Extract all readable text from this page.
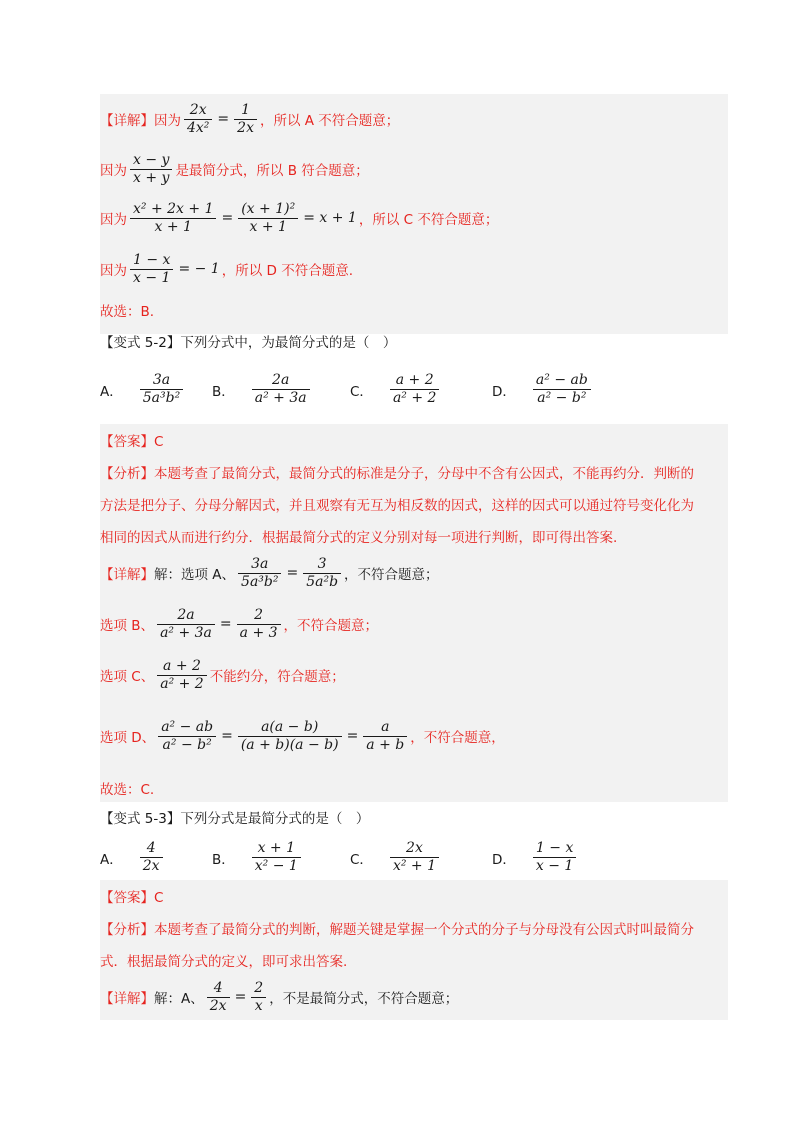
【详解】 因为 $\frac{2x}{\text{4x²}} = \frac{1}{2x}$ ，所以 A 不符合题意；
因为 $\frac{x - y}{x + y}$ 是最简分式，所以 B 符合题意；
因为 $\frac{\text{x² + 2x + 1}}{x + 1} = \frac{\text{(x + 1)²}}{x + 1} = x + 1$ ，所以 C 不符合题意；
因为 $\frac{1 - x}{x - 1}$ = − 1 ，所以 D 不符合题意.
故选：B.
【变式 5-2】下列分式中，为最简分式的是（　）
A． $\frac{3a}{\text{5a³b²}}$ B． $\frac{2a}{\text{a² + 3a}}$	C． $\frac{a + 2}{\text{a² + 2}}$	D． $\frac{\text{a² − ab}}{\text{a² − b²}}$
【答案】C
【分析】本题考查了最简分式，最简分式的标准是分子，分母中不含有公因式，不能再约分．判断的
方法是把分子、分母分解因式，并且观察有无互为相反数的因式，这样的因式可以通过符号变化化为
相同的因式从而进行约分．根据最简分式的定义分别对每一项进行判断，即可得出答案.
【详解】 解：选项 A、 $\frac{3a}{\text{5a³b²}} = \frac{3}{\text{5a²b}}$ ，不符合题意；
选项 B、 $\frac{2a}{\text{a² + 3a}} = \frac{2}{a + 3}$ ，不符合题意；
选项 C、 $\frac{a + 2}{\text{a² + 2}}$ 不能约分，符合题意；
选项 D、 $\frac{\text{a² − ab}}{\text{a² − b²}} = \frac{a(a - b)}{(a + b)(a - b)} = \frac{a}{a + b}$ ，不符合题意，
故选：C.
【变式 5-3】下列分式是最简分式的是（　）
A． $\frac{4}{2x}$	B． $\frac{x + 1}{\text{x² − 1}}$	C． $\frac{2x}{\text{x² + 1}}$	D． $\frac{1 - x}{x - 1}$
【答案】C
【分析】本题考查了最简分式的判断，解题关键是掌握一个分式的分子与分母没有公因式时叫最简分
式．根据最简分式的定义，即可求出答案.
【详解】 解：A、 $\frac{4}{2x} = \frac{2}{x}$ ，不是最简分式，不符合题意；
